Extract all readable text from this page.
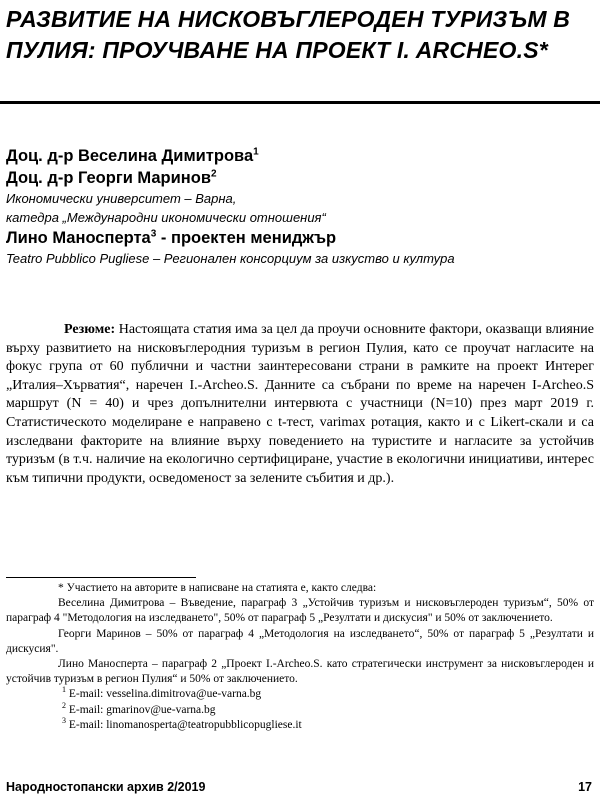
РАЗВИТИЕ НА НИСКОВЪГЛЕРОДЕН ТУРИЗЪМ В ПУЛИЯ: ПРОУЧВАНЕ НА ПРОЕКТ I. ARCHEO.S*

Доц. д-р Веселина Димитрова$^1$

Доц. д-р Георги Маринов$^2$

Икономически университет – Варна,

катедра „Международни икономически отношения“

Лино Маносперта$^3$ - проектен мениджър

Teatro Pubblico Pugliese – Регионален консорциум за изкуство и култура

Резюме: Настоящата статия има за цел да проучи основните фактори, оказващи влияние върху развитието на нисковъглеродния туризъм в регион Пулия, като се проучат нагласите на фокус група от 60 публични и частни заинтересовани страни в рамките на проект Интерег „Италия–Хърватия“, наречен I.-Archeo.S. Данните са събрани по време на наречен I-Archeo.S маршрут (N = 40) и чрез допълнителни интервюта с участници (N=10) през март 2019 г. Статистическото моделиране е направено с t-тест, varimax ротация, както и с Likert-скали и са изследвани факторите на влияние върху поведението на туристите и нагласите за устойчив туризъм (в т.ч. наличие на екологично сертифициране, участие в екологични инициативи, интерес към типични продукти, осведоменост за зелените събития и др.).

* Участието на авторите в написване на статията е, както следва:

Веселина Димитрова – Въведение, параграф 3 „Устойчив туризъм и нисковъглероден туризъм“, 50% от параграф 4 "Методология на изследването", 50% от параграф 5 „Резултати и дискусия" и 50% от заключението.

Георги Маринов – 50% от параграф 4 „Методология на изследването“, 50% от параграф 5 „Резултати и дискусия".

Лино Маносперта – параграф 2 „Проект I.-Archeo.S. като стратегически инструмент за нисковъглероден и устойчив туризъм в регион Пулия“ и 50% от заключението.

$^1$ E-mail: vesselina.dimitrova@ue-varna.bg

$^2$ E-mail: gmarinov@ue-varna.bg

$^3$ E-mail: linomanosperta@teatropubblicopugliese.it

Народностопански архив 2/2019	17
